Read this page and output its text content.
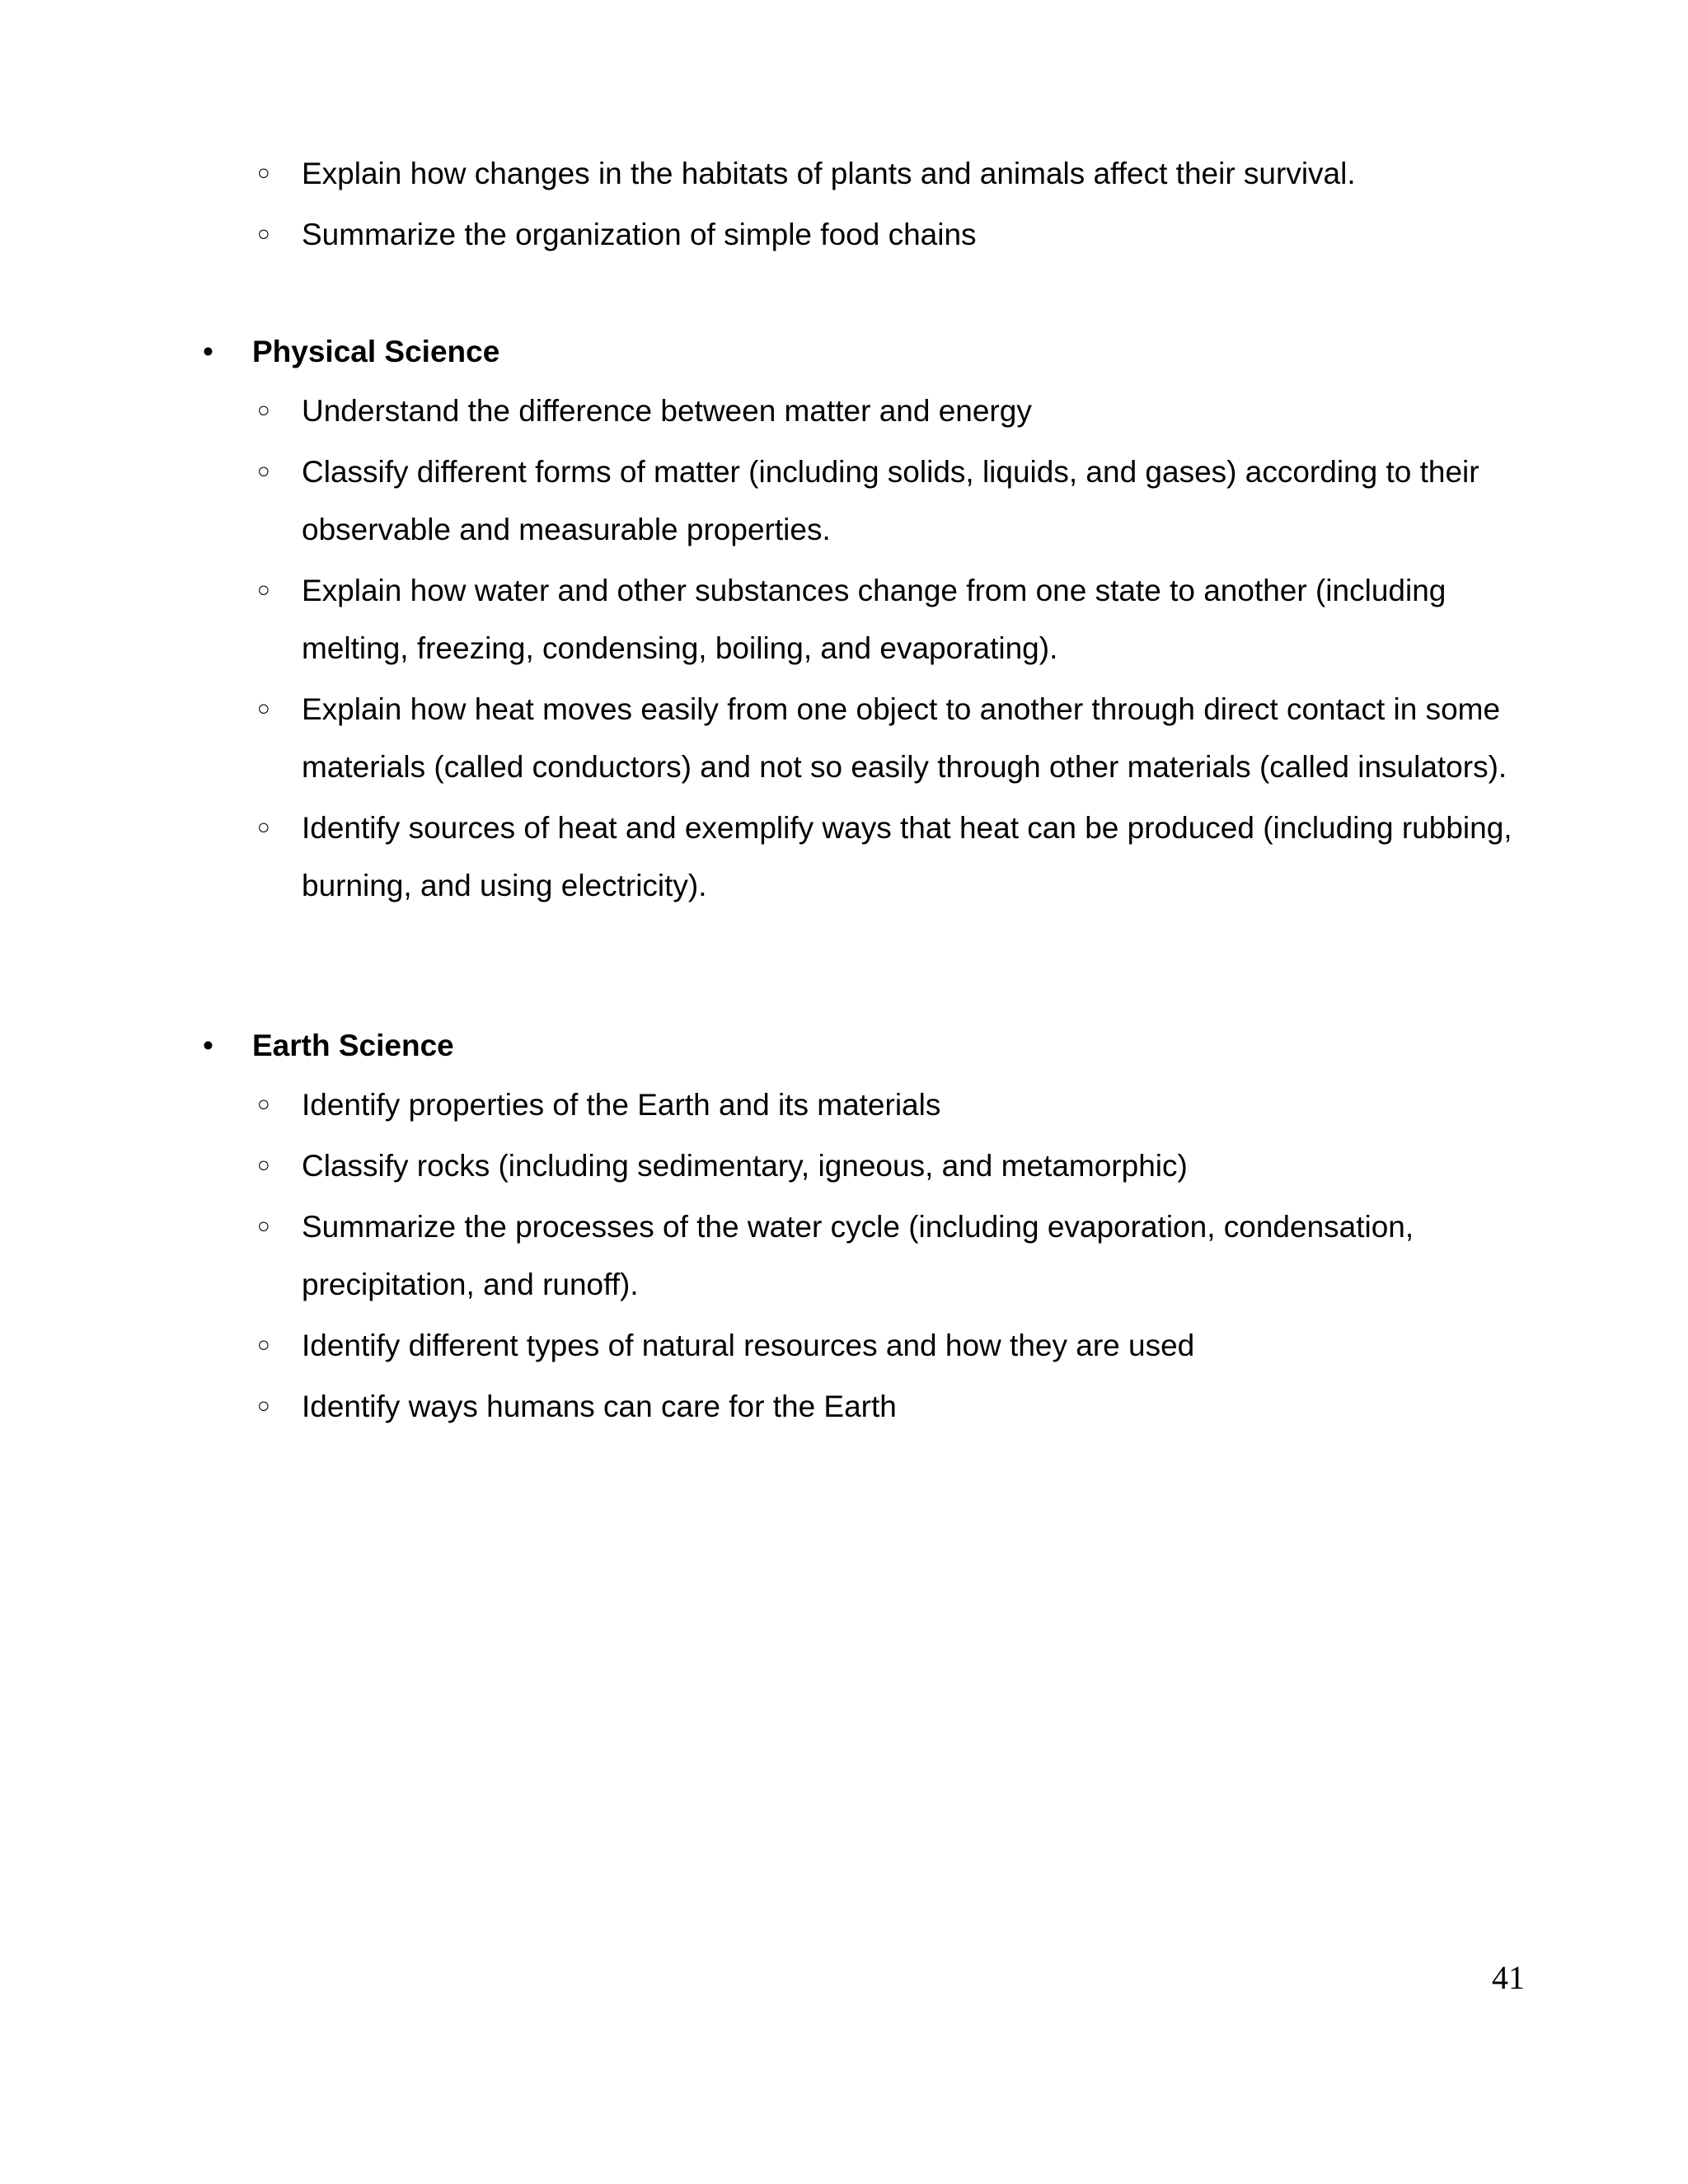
○ Explain how changes in the habitats of plants and animals affect their survival.
○ Summarize the organization of simple food chains
• Physical Science
○ Understand the difference between matter and energy
○ Classify different forms of matter (including solids, liquids, and gases) according to their observable and measurable properties.
○ Explain how water and other substances change from one state to another (including melting, freezing, condensing, boiling, and evaporating).
○ Explain how heat moves easily from one object to another through direct contact in some materials (called conductors) and not so easily through other materials (called insulators).
○ Identify sources of heat and exemplify ways that heat can be produced (including rubbing, burning, and using electricity).
• Earth Science
○ Identify properties of the Earth and its materials
○ Classify rocks (including sedimentary, igneous, and metamorphic)
○ Summarize the processes of the water cycle (including evaporation, condensation, precipitation, and runoff).
○ Identify different types of natural resources and how they are used
○ Identify ways humans can care for the Earth
41
